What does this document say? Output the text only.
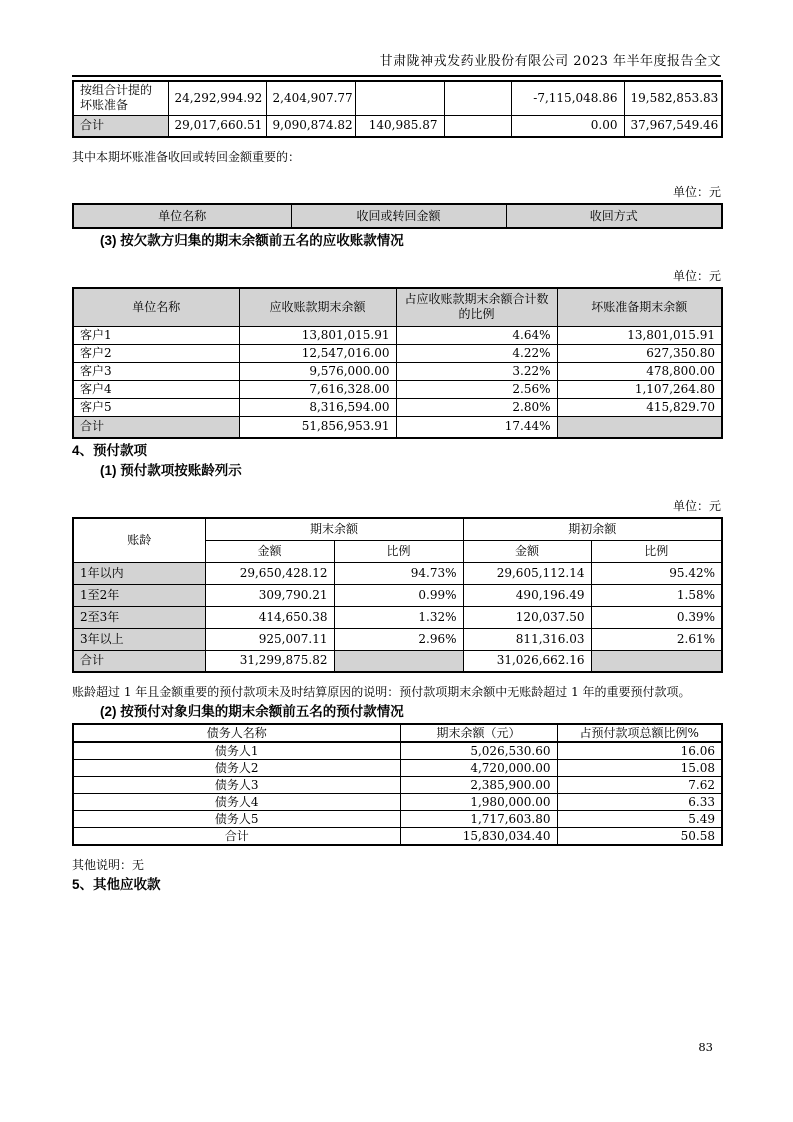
甘肃陇神戎发药业股份有限公司 2023 年半年度报告全文
按组合计提的坏账准备	24,292,994.92	2,404,907.77			-7,115,048.86	19,582,853.83
合计	29,017,660.51	9,090,874.82	140,985.87		0.00	37,967,549.46

其中本期坏账准备收回或转回金额重要的：

单位：元
单位名称	收回或转回金额	收回方式
(3) 按欠款方归集的期末余额前五名的应收账款情况
单位：元
单位名称	应收账款期末余额	占应收账款期末余额合计数的比例	坏账准备期末余额
客户1	13,801,015.91	4.64%	13,801,015.91
客户2	12,547,016.00	4.22%	627,350.80
客户3	9,576,000.00	3.22%	478,800.00
客户4	7,616,328.00	2.56%	1,107,264.80
客户5	8,316,594.00	2.80%	415,829.70
合计	51,856,953.91	17.44%	
4、预付款项
(1) 预付款项按账龄列示
单位：元
账龄	期末余额		期初余额	
	金额	比例	金额	比例
1年以内	29,650,428.12	94.73%	29,605,112.14	95.42%
1至2年	309,790.21	0.99%	490,196.49	1.58%
2至3年	414,650.38	1.32%	120,037.50	0.39%
3年以上	925,007.11	2.96%	811,316.03	2.61%
合计	31,299,875.82		31,026,662.16	

账龄超过 1 年且金额重要的预付款项未及时结算原因的说明：预付款项期末余额中无账龄超过 1 年的重要预付款项。

(2) 按预付对象归集的期末余额前五名的预付款情况
债务人名称	期末余额（元）	占预付款项总额比例%
债务人1	5,026,530.60	16.06
债务人2	4,720,000.00	15.08
债务人3	2,385,900.00	7.62
债务人4	1,980,000.00	6.33
债务人5	1,717,603.80	5.49
合计	15,830,034.40	50.58

其他说明：无

5、其他应收款
83
